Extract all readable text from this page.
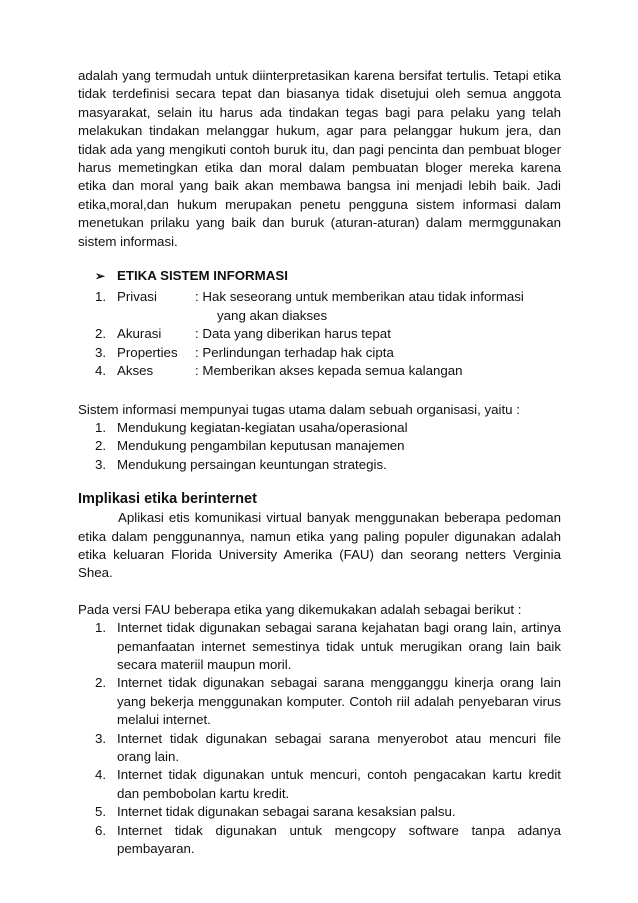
adalah yang termudah untuk diinterpretasikan karena bersifat tertulis. Tetapi etika tidak terdefinisi secara tepat dan biasanya tidak disetujui oleh semua anggota masyarakat, selain itu harus ada tindakan tegas bagi para pelaku yang telah melakukan tindakan melanggar hukum, agar para pelanggar hukum jera, dan tidak ada yang mengikuti contoh buruk itu, dan pagi pencinta dan pembuat bloger harus memetingkan etika dan moral dalam pembuatan bloger mereka karena etika dan moral yang baik akan membawa bangsa ini menjadi lebih baik. Jadi etika,moral,dan hukum merupakan penetu pengguna sistem informasi dalam menetukan prilaku yang baik dan buruk (aturan-aturan) dalam mermggunakan sistem informasi.

➢ ETIKA SISTEM INFORMASI
1. Privasi	: Hak seseorang untuk memberikan atau tidak informasi
yang akan diakses
2. Akurasi	: Data yang diberikan harus tepat
3. Properties	: Perlindungan terhadap hak cipta
4. Akses	: Memberikan akses kepada semua kalangan

Sistem informasi mempunyai tugas utama dalam sebuah organisasi, yaitu :

1. Mendukung kegiatan-kegiatan usaha/operasional
2. Mendukung pengambilan keputusan manajemen
3. Mendukung persaingan keuntungan strategis.
Implikasi etika berinternet

Aplikasi etis komunikasi virtual banyak menggunakan beberapa pedoman etika dalam penggunannya, namun etika yang paling populer digunakan adalah etika keluaran Florida University Amerika (FAU) dan seorang netters Verginia Shea.

Pada versi FAU beberapa etika yang dikemukakan adalah sebagai berikut :

1. Internet tidak digunakan sebagai sarana kejahatan bagi orang lain, artinya pemanfaatan internet semestinya tidak untuk merugikan orang lain baik secara materiil maupun moril.
2. Internet tidak digunakan sebagai sarana mengganggu kinerja orang lain yang bekerja menggunakan komputer. Contoh riil adalah penyebaran virus melalui internet.
3. Internet tidak digunakan sebagai sarana menyerobot atau mencuri file orang lain.
4. Internet tidak digunakan untuk mencuri, contoh pengacakan kartu kredit dan pembobolan kartu kredit.
5. Internet tidak digunakan sebagai sarana kesaksian palsu.
6. Internet tidak digunakan untuk mengcopy software tanpa adanya pembayaran.
